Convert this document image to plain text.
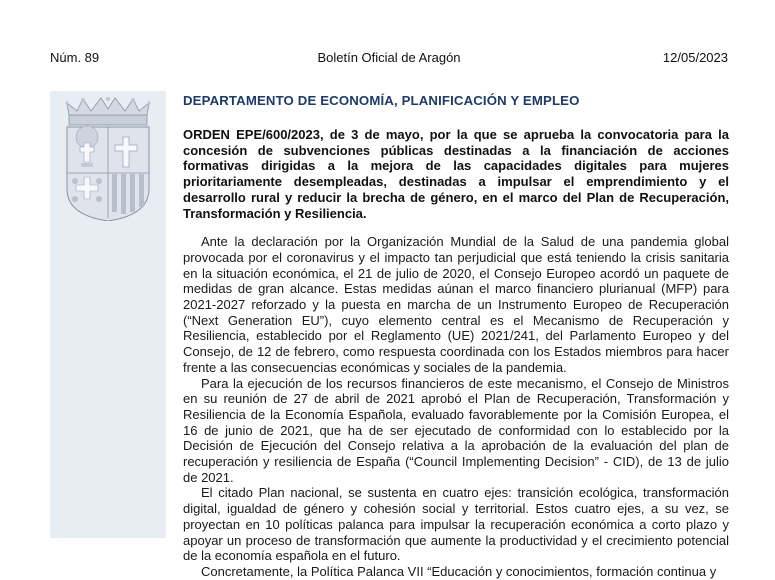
Núm. 89	Boletín Oficial de Aragón	12/05/2023

DEPARTAMENTO DE ECONOMÍA, PLANIFICACIÓN Y EMPLEO

ORDEN EPE/600/2023, de 3 de mayo, por la que se aprueba la convocatoria para la concesión de subvenciones públicas destinadas a la financiación de acciones formativas dirigidas a la mejora de las capacidades digitales para mujeres prioritariamente desempleadas, destinadas a impulsar el emprendimiento y el desarrollo rural y reducir la brecha de género, en el marco del Plan de Recuperación, Transformación y Resiliencia.

Ante la declaración por la Organización Mundial de la Salud de una pandemia global provocada por el coronavirus y el impacto tan perjudicial que está teniendo la crisis sanitaria en la situación económica, el 21 de julio de 2020, el Consejo Europeo acordó un paquete de medidas de gran alcance. Estas medidas aúnan el marco financiero plurianual (MFP) para 2021-2027 reforzado y la puesta en marcha de un Instrumento Europeo de Recuperación (“Next Generation EU”), cuyo elemento central es el Mecanismo de Recuperación y Resiliencia, establecido por el Reglamento (UE) 2021/241, del Parlamento Europeo y del Consejo, de 12 de febrero, como respuesta coordinada con los Estados miembros para hacer frente a las consecuencias económicas y sociales de la pandemia.

Para la ejecución de los recursos financieros de este mecanismo, el Consejo de Ministros en su reunión de 27 de abril de 2021 aprobó el Plan de Recuperación, Transformación y Resiliencia de la Economía Española, evaluado favorablemente por la Comisión Europea, el 16 de junio de 2021, que ha de ser ejecutado de conformidad con lo establecido por la Decisión de Ejecución del Consejo relativa a la aprobación de la evaluación del plan de recuperación y resiliencia de España (“Council Implementing Decision” - CID), de 13 de julio de 2021.

El citado Plan nacional, se sustenta en cuatro ejes: transición ecológica, transformación digital, igualdad de género y cohesión social y territorial. Estos cuatro ejes, a su vez, se proyectan en 10 políticas palanca para impulsar la recuperación económica a corto plazo y apoyar un proceso de transformación que aumente la productividad y el crecimiento potencial de la economía española en el futuro.

Concretamente, la Política Palanca VII “Educación y conocimientos, formación continua y
